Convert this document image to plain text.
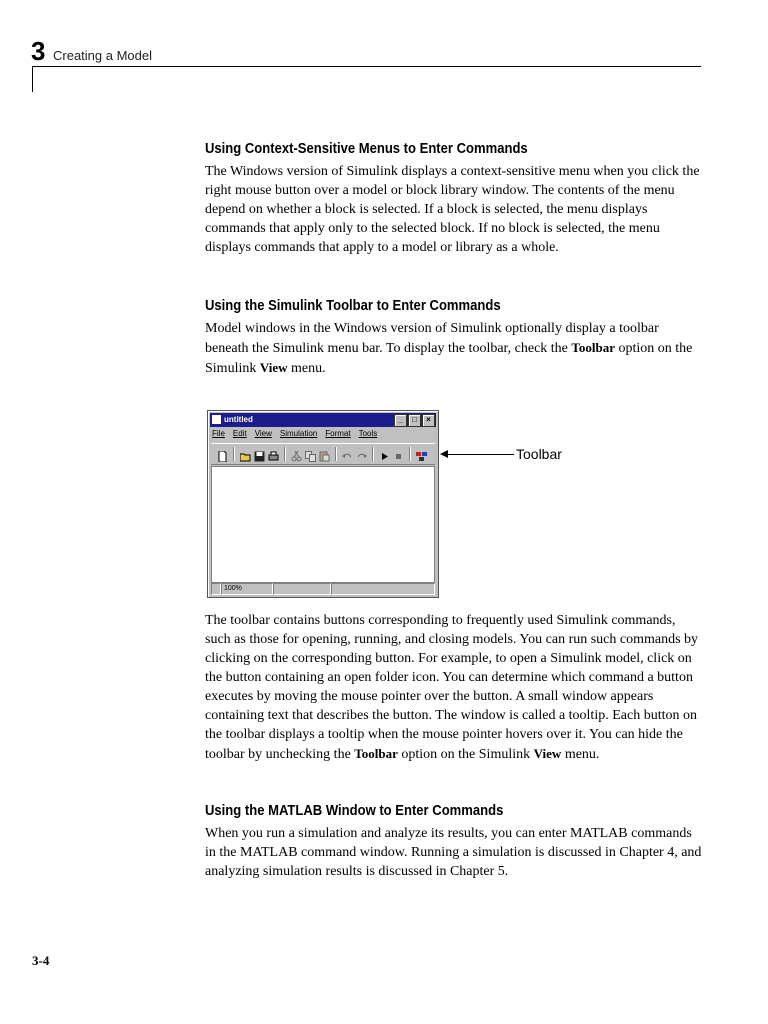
3 Creating a Model
Using Context-Sensitive Menus to Enter Commands

The Windows version of Simulink displays a context-sensitive menu when you click the right mouse button over a model or block library window. The contents of the menu depend on whether a block is selected. If a block is selected, the menu displays commands that apply only to the selected block. If no block is selected, the menu displays commands that apply to a model or library as a whole.

Using the Simulink Toolbar to Enter Commands

Model windows in the Windows version of Simulink optionally display a toolbar beneath the Simulink menu bar. To display the toolbar, check the Toolbar option on the Simulink View menu.

untitled	_	□	×
File Edit View Simulation Format Tools
100%
Toolbar

The toolbar contains buttons corresponding to frequently used Simulink commands, such as those for opening, running, and closing models. You can run such commands by clicking on the corresponding button. For example, to open a Simulink model, click on the button containing an open folder icon. You can determine which command a button executes by moving the mouse pointer over the button. A small window appears containing text that describes the button. The window is called a tooltip. Each button on the toolbar displays a tooltip when the mouse pointer hovers over it. You can hide the toolbar by unchecking the Toolbar option on the Simulink View menu.

Using the MATLAB Window to Enter Commands

When you run a simulation and analyze its results, you can enter MATLAB commands in the MATLAB command window. Running a simulation is discussed in Chapter 4, and analyzing simulation results is discussed in Chapter 5.

3-4
